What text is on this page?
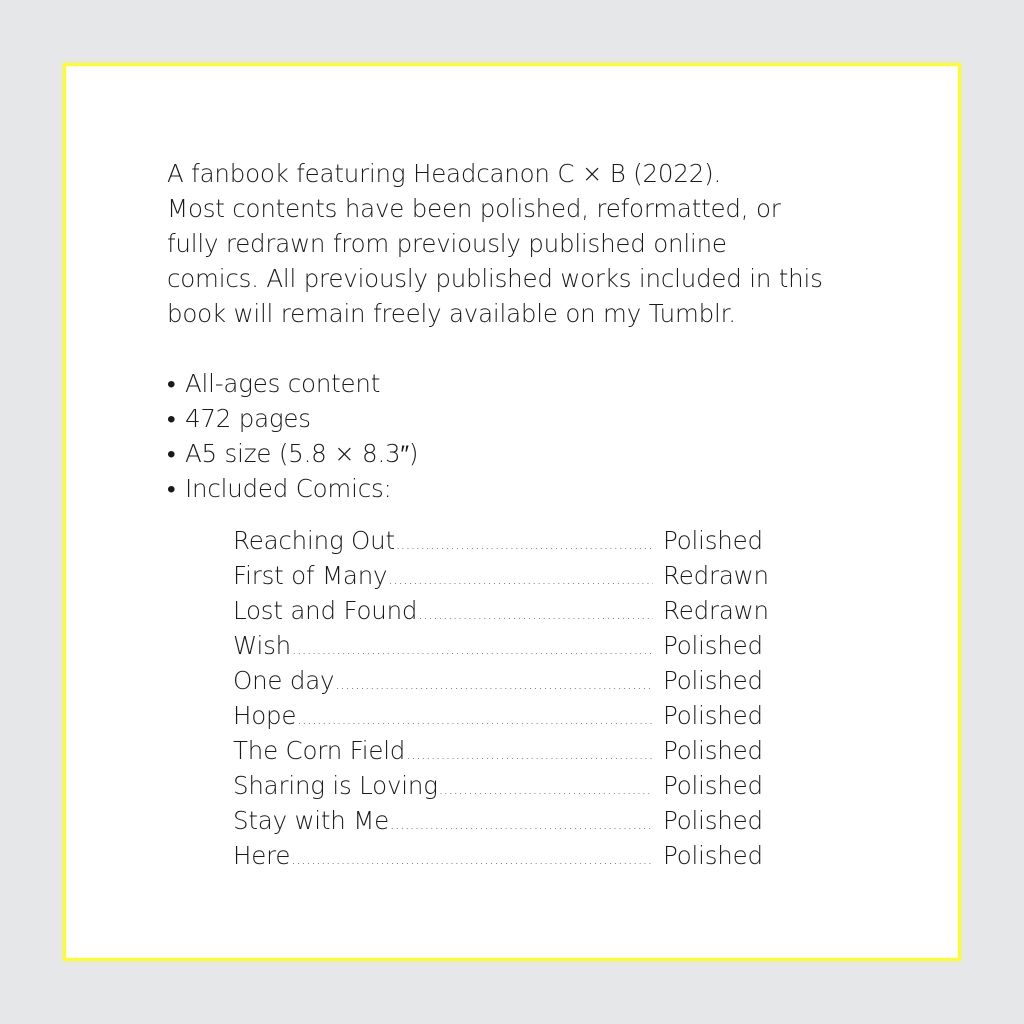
A fanbook featuring Headcanon C × B (2022).

Most contents have been polished, reformatted, or

fully redrawn from previously published online

comics. All previously published works included in this

book will remain freely available on my Tumblr.

• All-ages content
• 472 pages
• A5 size (5.8 × 8.3″)
• Included Comics:
Reaching Out .....	Polished
First of Many .....	Redrawn
Lost and Found .....	Redrawn
Wish .....	Polished
One day .....	Polished
Hope .....	Polished
The Corn Field .....	Polished
Sharing is Loving .....	Polished
Stay with Me .....	Polished
Here .....	Polished
